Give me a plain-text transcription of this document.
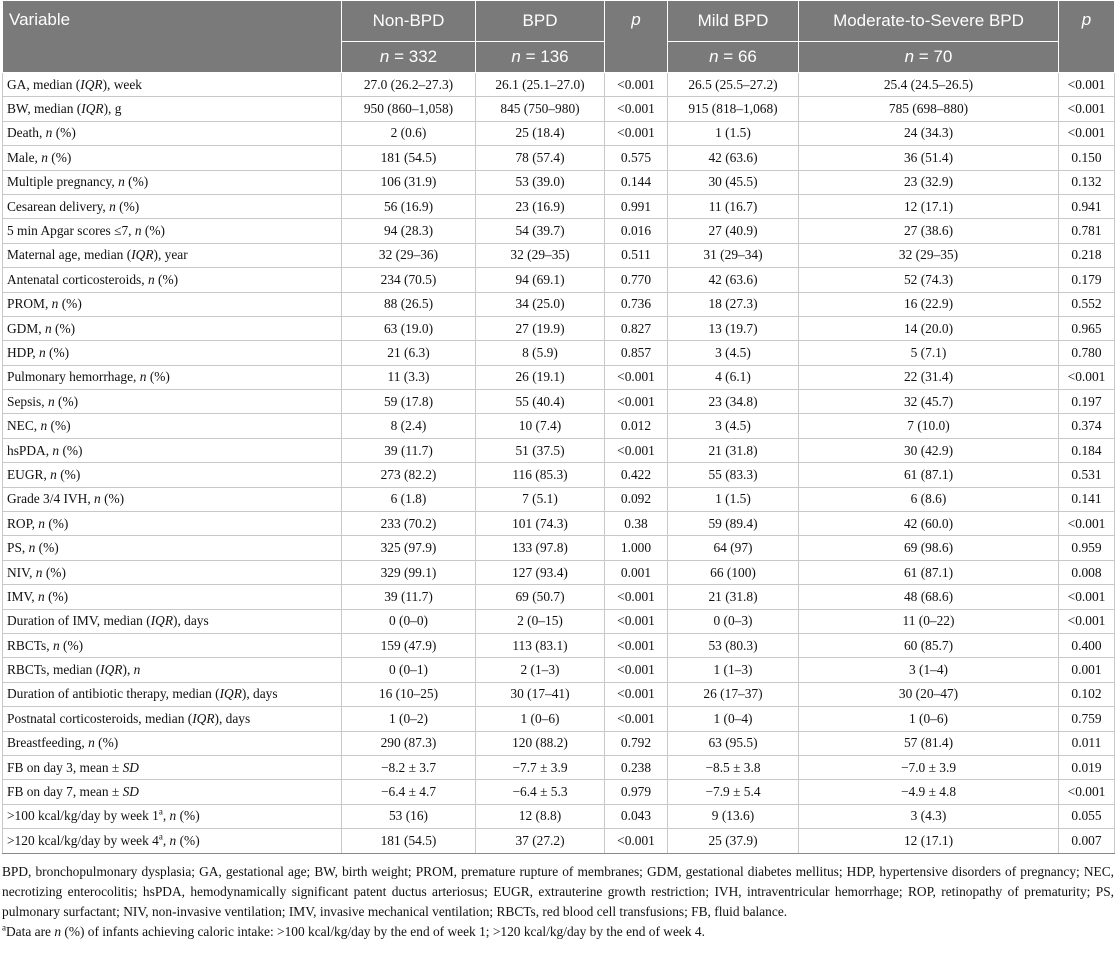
Variable	Non-BPD	BPD	p	Mild BPD	Moderate-to-Severe BPD	p
	n = 332	n = 136		n = 66	n = 70	
GA, median (IQR), week	27.0 (26.2–27.3)	26.1 (25.1–27.0)	<0.001	26.5 (25.5–27.2)	25.4 (24.5–26.5)	<0.001
BW, median (IQR), g	950 (860–1,058)	845 (750–980)	<0.001	915 (818–1,068)	785 (698–880)	<0.001
Death, n (%)	2 (0.6)	25 (18.4)	<0.001	1 (1.5)	24 (34.3)	<0.001
Male, n (%)	181 (54.5)	78 (57.4)	0.575	42 (63.6)	36 (51.4)	0.150
Multiple pregnancy, n (%)	106 (31.9)	53 (39.0)	0.144	30 (45.5)	23 (32.9)	0.132
Cesarean delivery, n (%)	56 (16.9)	23 (16.9)	0.991	11 (16.7)	12 (17.1)	0.941
5 min Apgar scores ≤7, n (%)	94 (28.3)	54 (39.7)	0.016	27 (40.9)	27 (38.6)	0.781
Maternal age, median (IQR), year	32 (29–36)	32 (29–35)	0.511	31 (29–34)	32 (29–35)	0.218
Antenatal corticosteroids, n (%)	234 (70.5)	94 (69.1)	0.770	42 (63.6)	52 (74.3)	0.179
PROM, n (%)	88 (26.5)	34 (25.0)	0.736	18 (27.3)	16 (22.9)	0.552
GDM, n (%)	63 (19.0)	27 (19.9)	0.827	13 (19.7)	14 (20.0)	0.965
HDP, n (%)	21 (6.3)	8 (5.9)	0.857	3 (4.5)	5 (7.1)	0.780
Pulmonary hemorrhage, n (%)	11 (3.3)	26 (19.1)	<0.001	4 (6.1)	22 (31.4)	<0.001
Sepsis, n (%)	59 (17.8)	55 (40.4)	<0.001	23 (34.8)	32 (45.7)	0.197
NEC, n (%)	8 (2.4)	10 (7.4)	0.012	3 (4.5)	7 (10.0)	0.374
hsPDA, n (%)	39 (11.7)	51 (37.5)	<0.001	21 (31.8)	30 (42.9)	0.184
EUGR, n (%)	273 (82.2)	116 (85.3)	0.422	55 (83.3)	61 (87.1)	0.531
Grade 3/4 IVH, n (%)	6 (1.8)	7 (5.1)	0.092	1 (1.5)	6 (8.6)	0.141
ROP, n (%)	233 (70.2)	101 (74.3)	0.38	59 (89.4)	42 (60.0)	<0.001
PS, n (%)	325 (97.9)	133 (97.8)	1.000	64 (97)	69 (98.6)	0.959
NIV, n (%)	329 (99.1)	127 (93.4)	0.001	66 (100)	61 (87.1)	0.008
IMV, n (%)	39 (11.7)	69 (50.7)	<0.001	21 (31.8)	48 (68.6)	<0.001
Duration of IMV, median (IQR), days	0 (0–0)	2 (0–15)	<0.001	0 (0–3)	11 (0–22)	<0.001
RBCTs, n (%)	159 (47.9)	113 (83.1)	<0.001	53 (80.3)	60 (85.7)	0.400
RBCTs, median (IQR), n	0 (0–1)	2 (1–3)	<0.001	1 (1–3)	3 (1–4)	0.001
Duration of antibiotic therapy, median (IQR), days	16 (10–25)	30 (17–41)	<0.001	26 (17–37)	30 (20–47)	0.102
Postnatal corticosteroids, median (IQR), days	1 (0–2)	1 (0–6)	<0.001	1 (0–4)	1 (0–6)	0.759
Breastfeeding, n (%)	290 (87.3)	120 (88.2)	0.792	63 (95.5)	57 (81.4)	0.011
FB on day 3, mean ± SD	−8.2 ± 3.7	−7.7 ± 3.9	0.238	−8.5 ± 3.8	−7.0 ± 3.9	0.019
FB on day 7, mean ± SD	−6.4 ± 4.7	−6.4 ± 5.3	0.979	−7.9 ± 5.4	−4.9 ± 4.8	<0.001
>100 kcal/kg/day by week 1$^a$, n (%)	53 (16)	12 (8.8)	0.043	9 (13.6)	3 (4.3)	0.055
>120 kcal/kg/day by week 4$^a$, n (%)	181 (54.5)	37 (27.2)	<0.001	25 (37.9)	12 (17.1)	0.007
BPD, bronchopulmonary dysplasia; GA, gestational age; BW, birth weight; PROM, premature rupture of membranes; GDM, gestational diabetes mellitus; HDP, hypertensive disorders of pregnancy; NEC, necrotizing enterocolitis; hsPDA, hemodynamically significant patent ductus arteriosus; EUGR, extrauterine growth restriction; IVH, intraventricular hemorrhage; ROP, retinopathy of prematurity; PS, pulmonary surfactant; NIV, non-invasive ventilation; IMV, invasive mechanical ventilation; RBCTs, red blood cell transfusions; FB, fluid balance.
$^a$Data are n (%) of infants achieving caloric intake: >100 kcal/kg/day by the end of week 1; >120 kcal/kg/day by the end of week 4.
